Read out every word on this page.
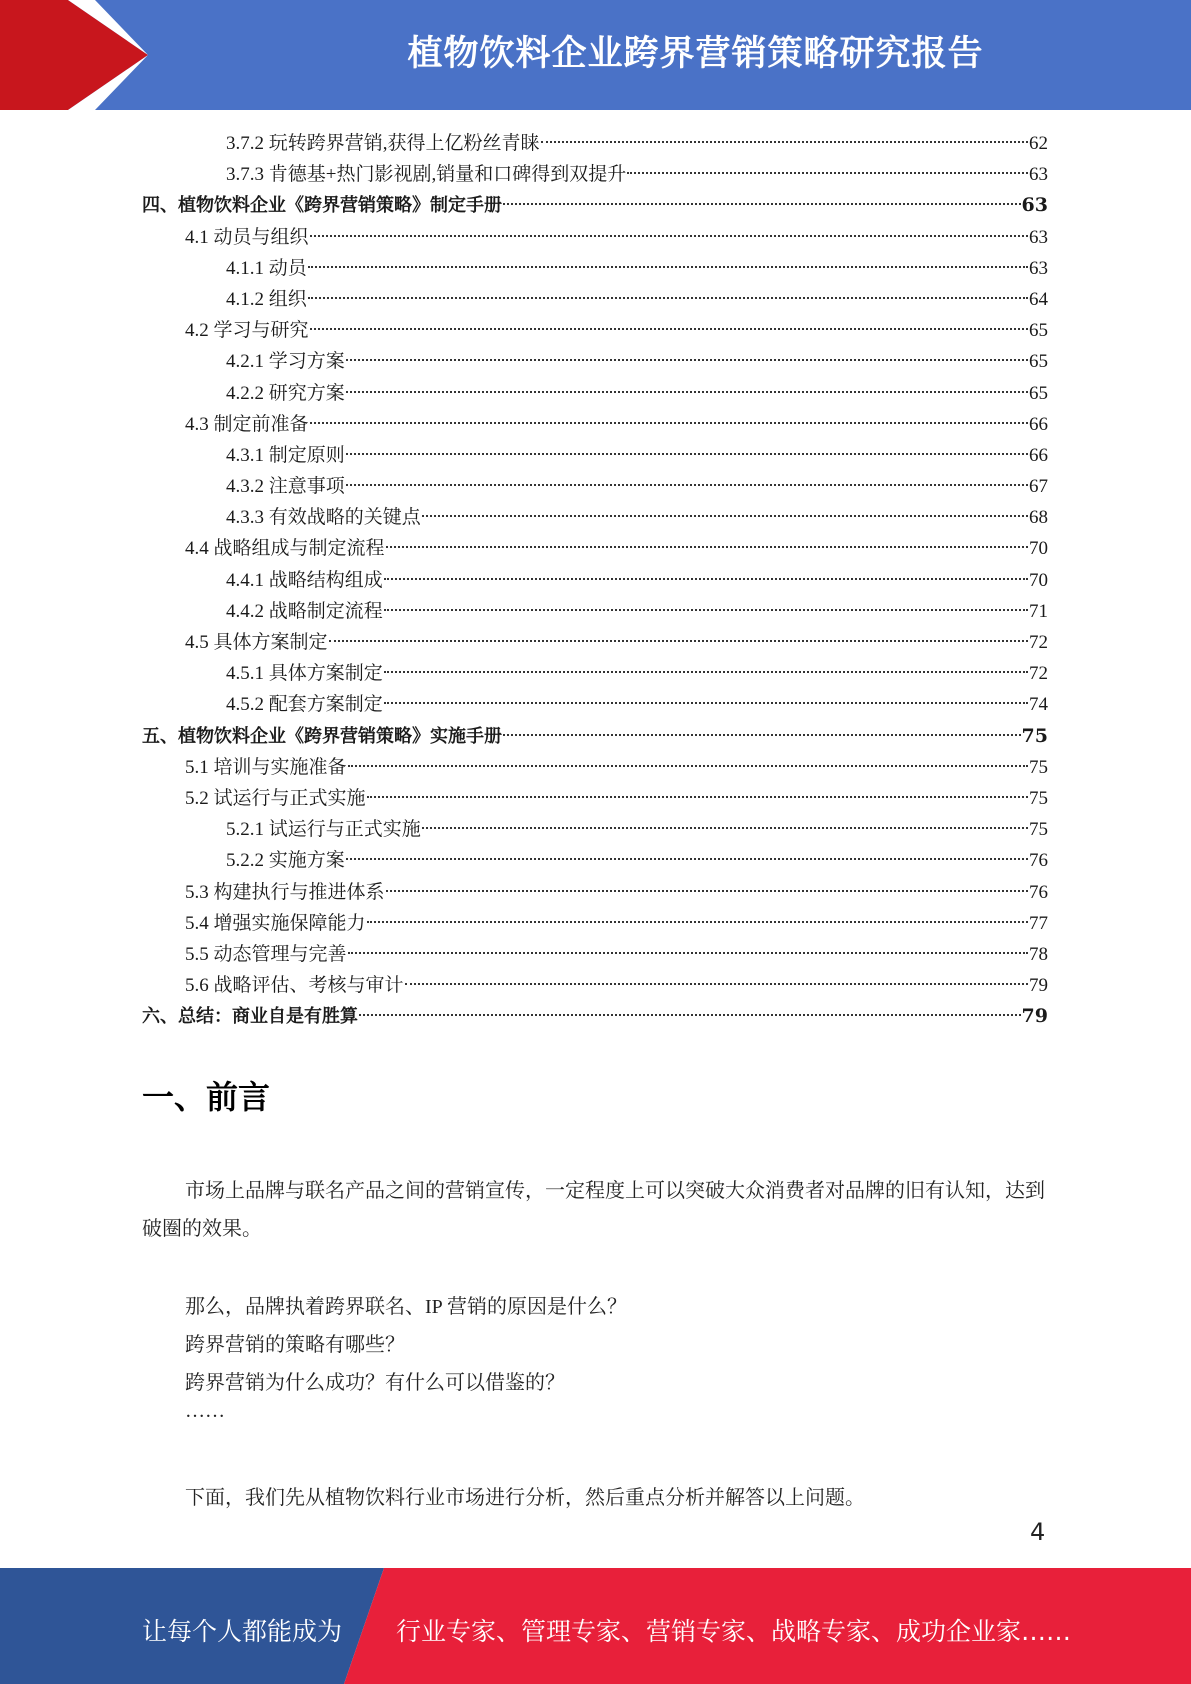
植物饮料企业跨界营销策略研究报告
3.7.2 玩转跨界营销,获得上亿粉丝青睐	62
3.7.3 肯德基+热门影视剧,销量和口碑得到双提升	63
四、植物饮料企业《跨界营销策略》制定手册	63
4.1 动员与组织	63
4.1.1 动员	63
4.1.2 组织	64
4.2 学习与研究	65
4.2.1 学习方案	65
4.2.2 研究方案	65
4.3 制定前准备	66
4.3.1 制定原则	66
4.3.2 注意事项	67
4.3.3 有效战略的关键点	68
4.4 战略组成与制定流程	70
4.4.1 战略结构组成	70
4.4.2 战略制定流程	71
4.5 具体方案制定	72
4.5.1 具体方案制定	72
4.5.2 配套方案制定	74
五、植物饮料企业《跨界营销策略》实施手册	75
5.1 培训与实施准备	75
5.2 试运行与正式实施	75
5.2.1 试运行与正式实施	75
5.2.2 实施方案	76
5.3 构建执行与推进体系	76
5.4 增强实施保障能力	77
5.5 动态管理与完善	78
5.6 战略评估、考核与审计	79
六、总结：商业自是有胜算	79
一、前言
市场上品牌与联名产品之间的营销宣传，一定程度上可以突破大众消费者对品牌的旧有认知，达到破圈的效果。
那么，品牌执着跨界联名、IP 营销的原因是什么？
跨界营销的策略有哪些？
跨界营销为什么成功？有什么可以借鉴的？
……
下面，我们先从植物饮料行业市场进行分析，然后重点分析并解答以上问题。
4
让每个人都能成为 行业专家、管理专家、营销专家、战略专家、成功企业家……
